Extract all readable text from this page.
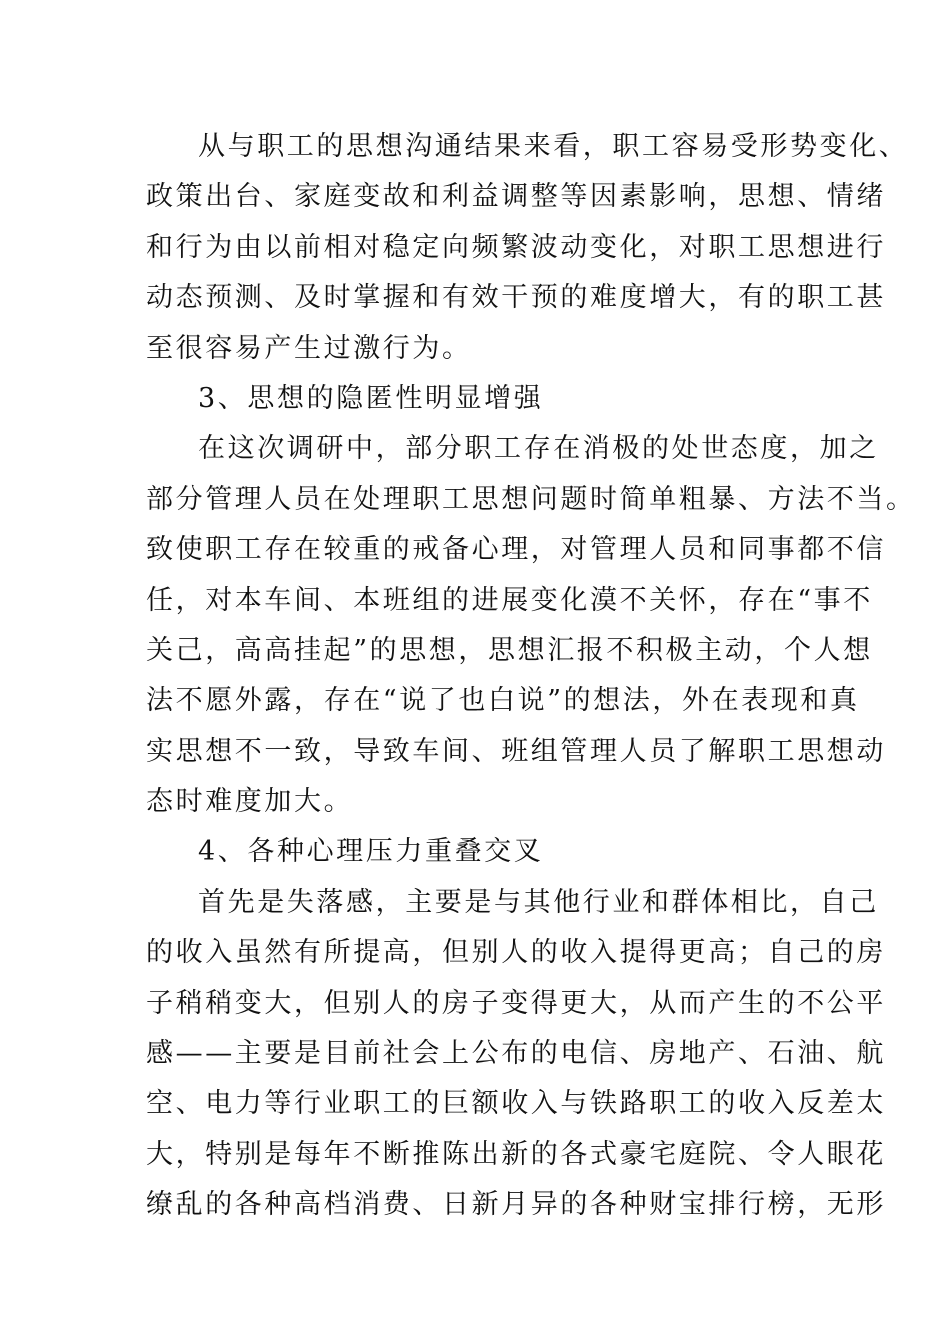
从与职工的思想沟通结果来看，职工容易受形势变化、
政策出台、家庭变故和利益调整等因素影响，思想、情绪
和行为由以前相对稳定向频繁波动变化，对职工思想进行
动态预测、及时掌握和有效干预的难度增大，有的职工甚
至很容易产生过激行为。
3、思想的隐匿性明显增强
在这次调研中，部分职工存在消极的处世态度，加之
部分管理人员在处理职工思想问题时简单粗暴、方法不当。
致使职工存在较重的戒备心理，对管理人员和同事都不信
任，对本车间、本班组的进展变化漠不关怀，存在“事不
关己，高高挂起”的思想，思想汇报不积极主动，个人想
法不愿外露，存在“说了也白说”的想法，外在表现和真
实思想不一致，导致车间、班组管理人员了解职工思想动
态时难度加大。
4、各种心理压力重叠交叉
首先是失落感，主要是与其他行业和群体相比，自己
的收入虽然有所提高，但别人的收入提得更高；自己的房
子稍稍变大，但别人的房子变得更大，从而产生的不公平
感——主要是目前社会上公布的电信、房地产、石油、航
空、电力等行业职工的巨额收入与铁路职工的收入反差太
大，特别是每年不断推陈出新的各式豪宅庭院、令人眼花
缭乱的各种高档消费、日新月异的各种财宝排行榜，无形
